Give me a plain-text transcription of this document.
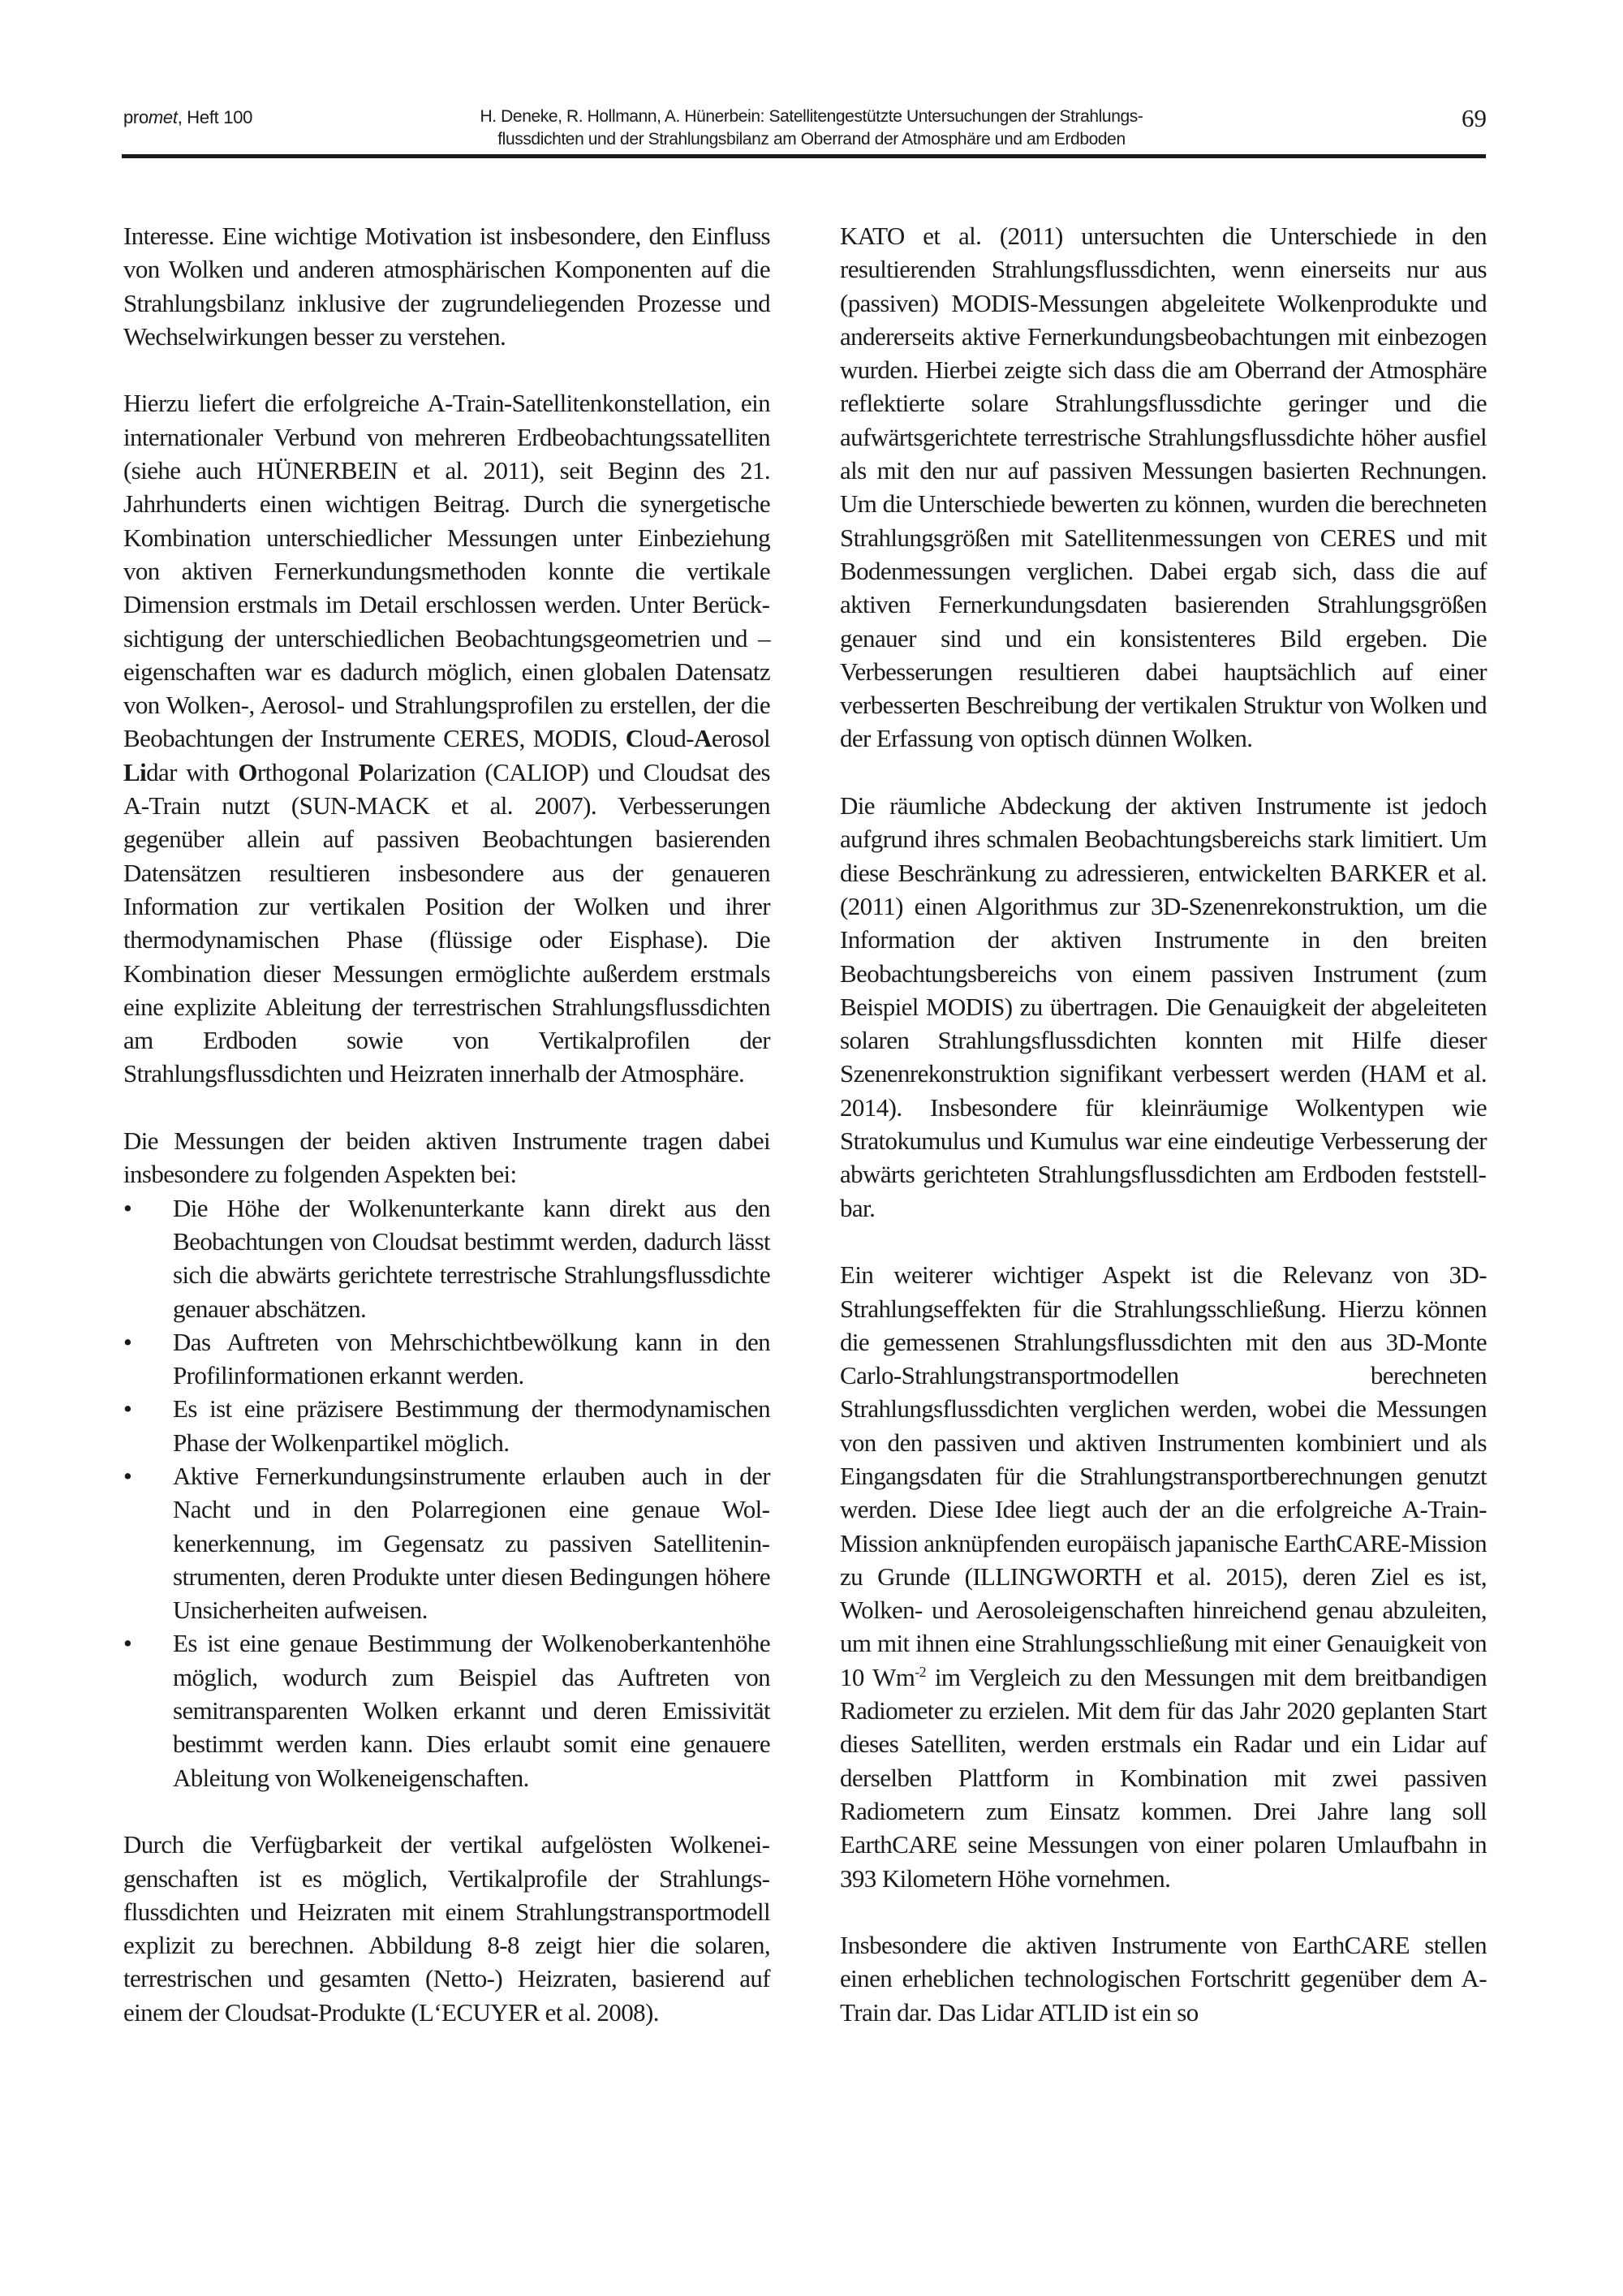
promet, Heft 100	H. Deneke, R. Hollmann, A. Hünerbein: Satellitengestützte Untersuchungen der Strahlungs-
flussdichten und der Strahlungsbilanz am Oberrand der Atmosphäre und am Erdboden
69

Interesse. Eine wichtige Motivation ist insbesondere, den Einfluss von Wolken und anderen atmosphärischen Komponenten auf die Strahlungsbilanz inklusive der zugrundeliegenden Prozesse und Wechselwirkungen besser zu verstehen.

Hierzu liefert die erfolgreiche A-Train-Satellitenkonstellation, ein internationaler Verbund von mehreren Erdbeobachtungssatelliten (siehe auch HÜNERBEIN et al. 2011), seit Beginn des 21. Jahrhunderts einen wichtigen Beitrag. Durch die synergetische Kombination unterschiedlicher Messungen unter Einbeziehung von aktiven Fernerkundungsmethoden konnte die vertikale Dimension erstmals im Detail erschlossen werden. Unter Berücksichtigung der unterschiedlichen Beobachtungsgeometrien und –eigenschaften war es dadurch möglich, einen globalen Datensatz von Wolken-, Aerosol- und Strahlungsprofilen zu erstellen, der die Beobachtungen der Instrumente CERES, MODIS, Cloud-Aerosol Lidar with Orthogonal Polarization (CALIOP) und Cloudsat des A-Train nutzt (SUN-MACK et al. 2007). Verbesserungen gegenüber allein auf passiven Beobachtungen basierenden Datensätzen resultieren insbesondere aus der genaueren Information zur vertikalen Position der Wolken und ihrer thermodynamischen Phase (flüssige oder Eisphase). Die Kombination dieser Messungen ermöglichte außerdem erstmals eine explizite Ableitung der terrestrischen Strahlungsflussdichten am Erdboden sowie von Vertikalprofilen der Strahlungsflussdichten und Heizraten innerhalb der Atmosphäre.

Die Messungen der beiden aktiven Instrumente tragen dabei insbesondere zu folgenden Aspekten bei:

• Die Höhe der Wolkenunterkante kann direkt aus den Beobachtungen von Cloudsat bestimmt werden, dadurch lässt sich die abwärts gerichtete terrestrische Strahlungsflussdichte genauer abschätzen.
• Das Auftreten von Mehrschichtbewölkung kann in den Profilinformationen erkannt werden.
• Es ist eine präzisere Bestimmung der thermodynamischen Phase der Wolkenpartikel möglich.
• Aktive Fernerkundungsinstrumente erlauben auch in der Nacht und in den Polarregionen eine genaue Wolkenerkennung, im Gegensatz zu passiven Satelliteninstrumenten, deren Produkte unter diesen Bedingungen höhere Unsicherheiten aufweisen.
• Es ist eine genaue Bestimmung der Wolkenoberkantenhöhe möglich, wodurch zum Beispiel das Auftreten von semitransparenten Wolken erkannt und deren Emissivität bestimmt werden kann. Dies erlaubt somit eine genauere Ableitung von Wolkeneigenschaften.

Durch die Verfügbarkeit der vertikal aufgelösten Wolkeneigenschaften ist es möglich, Vertikalprofile der Strahlungsflussdichten und Heizraten mit einem Strahlungstransportmodell explizit zu berechnen. Abbildung 8-8 zeigt hier die solaren, terrestrischen und gesamten (Netto-) Heizraten, basierend auf einem der Cloudsat-Produkte (L‘ECUYER et al. 2008).

KATO et al. (2011) untersuchten die Unterschiede in den resultierenden Strahlungsflussdichten, wenn einerseits nur aus (passiven) MODIS-Messungen abgeleitete Wolkenprodukte und andererseits aktive Fernerkundungsbeobachtungen mit einbezogen wurden. Hierbei zeigte sich dass die am Oberrand der Atmosphäre reflektierte solare Strahlungsflussdichte geringer und die aufwärtsgerichtete terrestrische Strahlungsflussdichte höher ausfiel als mit den nur auf passiven Messungen basierten Rechnungen. Um die Unterschiede bewerten zu können, wurden die berechneten Strahlungsgrößen mit Satellitenmessungen von CERES und mit Bodenmessungen verglichen. Dabei ergab sich, dass die auf aktiven Fernerkundungsdaten basierenden Strahlungsgrößen genauer sind und ein konsistenteres Bild ergeben. Die Verbesserungen resultieren dabei hauptsächlich auf einer verbesserten Beschreibung der vertikalen Struktur von Wolken und der Erfassung von optisch dünnen Wolken.

Die räumliche Abdeckung der aktiven Instrumente ist jedoch aufgrund ihres schmalen Beobachtungsbereichs stark limitiert. Um diese Beschränkung zu adressieren, entwickelten BARKER et al. (2011) einen Algorithmus zur 3D-Szenenrekonstruktion, um die Information der aktiven Instrumente in den breiten Beobachtungsbereichs von einem passiven Instrument (zum Beispiel MODIS) zu übertragen. Die Genauigkeit der abgeleiteten solaren Strahlungsflussdichten konnten mit Hilfe dieser Szenenrekonstruktion signifikant verbessert werden (HAM et al. 2014). Insbesondere für kleinräumige Wolkentypen wie Stratokumulus und Kumulus war eine eindeutige Verbesserung der abwärts gerichteten Strahlungsflussdichten am Erdboden feststellbar.

Ein weiterer wichtiger Aspekt ist die Relevanz von 3D-Strahlungseffekten für die Strahlungsschließung. Hierzu können die gemessenen Strahlungsflussdichten mit den aus 3D-Monte Carlo-Strahlungstransportmodellen berechneten Strahlungsflussdichten verglichen werden, wobei die Messungen von den passiven und aktiven Instrumenten kombiniert und als Eingangsdaten für die Strahlungstransportberechnungen genutzt werden. Diese Idee liegt auch der an die erfolgreiche A-Train-Mission anknüpfenden europäisch japanische EarthCARE-Mission zu Grunde (ILLINGWORTH et al. 2015), deren Ziel es ist, Wolken- und Aerosoleigenschaften hinreichend genau abzuleiten, um mit ihnen eine Strahlungsschließung mit einer Genauigkeit von 10 $Wm^{-2}$ im Vergleich zu den Messungen mit dem breitbandigen Radiometer zu erzielen. Mit dem für das Jahr 2020 geplanten Start dieses Satelliten, werden erstmals ein Radar und ein Lidar auf derselben Plattform in Kombination mit zwei passiven Radiometern zum Einsatz kommen. Drei Jahre lang soll EarthCARE seine Messungen von einer polaren Umlaufbahn in 393 Kilometern Höhe vornehmen.

Insbesondere die aktiven Instrumente von EarthCARE stellen einen erheblichen technologischen Fortschritt gegenüber dem A-Train dar. Das Lidar ATLID ist ein so
